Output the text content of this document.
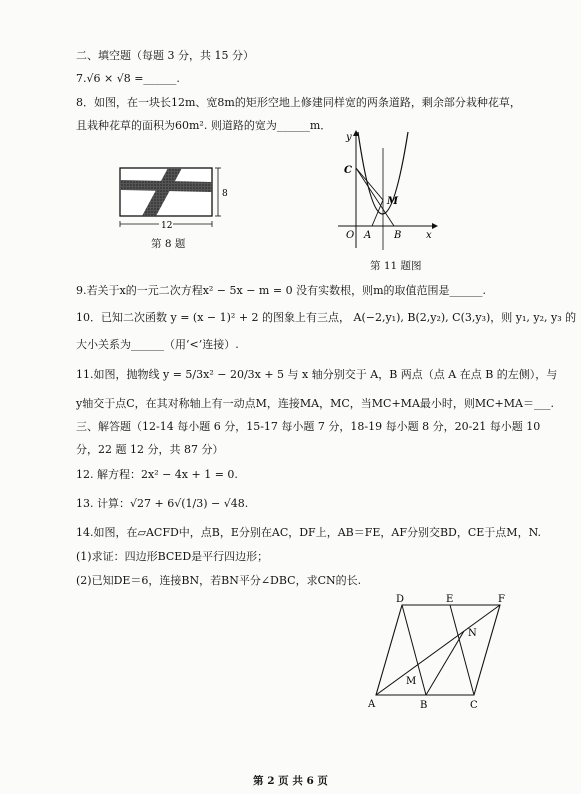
二、填空题（每题 3 分，共 15 分）
7.√6 × √8 =______.
8．如图，在一块长12m、宽8m的矩形空地上修建同样宽的两条道路，剩余部分栽种花草，
且栽种花草的面积为60m². 则道路的宽为______m．
8
12
第 8 题
C
M
O A B x
y
第 11 题图
9.若关于x的一元二次方程x² − 5x − m = 0 没有实数根，则m的取值范围是______.
10．已知二次函数 y = (x − 1)² + 2 的图象上有三点， A(−2,y₁), B(2,y₂), C(3,y₃)，则 y₁, y₂, y₃ 的
大小关系为______（用‘<’连接）.
11.如图，抛物线 y = 5/3x² − 20/3x + 5 与 x 轴分别交于 A，B 两点（点 A 在点 B 的左侧），与
y轴交于点C，在其对称轴上有一动点M，连接MA，MC，当MC+MA最小时，则MC+MA＝___.
三、解答题（12-14 每小题 6 分，15-17 每小题 7 分，18-19 每小题 8 分，20-21 每小题 10
分，22 题 12 分，共 87 分）
12. 解方程：2x² − 4x + 1 = 0.
13. 计算：√27 + 6√(1/3) − √48.
14.如图，在▱ACFD中，点B，E分别在AC，DF上，AB＝FE，AF分别交BD，CE于点M，N.
(1)求证：四边形BCED是平行四边形；
(2)已知DE＝6，连接BN，若BN平分∠DBC，求CN的长.
D	E	F
N
M
A	B	C
第 2 页 共 6 页
